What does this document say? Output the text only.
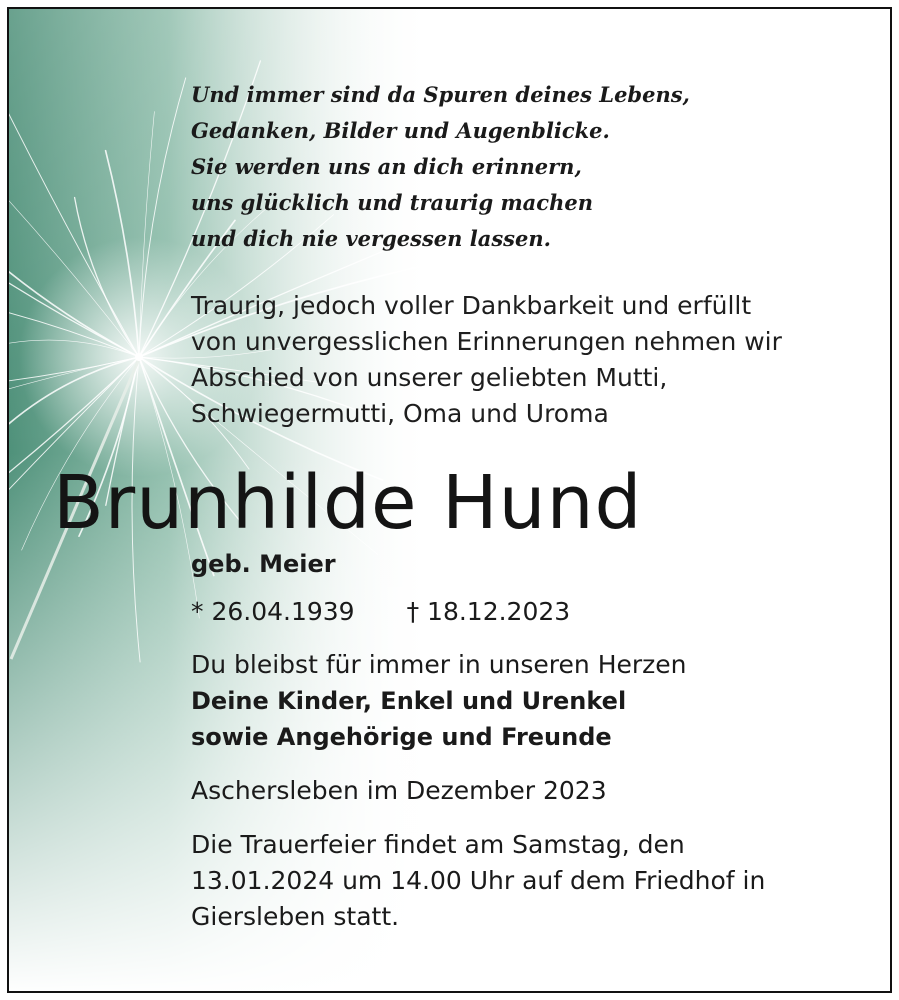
Und immer sind da Spuren deines Lebens,
Gedanken, Bilder und Augenblicke.
Sie werden uns an dich erinnern,
uns glücklich und traurig machen
und dich nie vergessen lassen.
Traurig, jedoch voller Dankbarkeit und erfüllt
von unvergesslichen Erinnerungen nehmen wir
Abschied von unserer geliebten Mutti,
Schwiegermutti, Oma und Uroma
Brunhilde Hund
geb. Meier
* 26.04.1939 † 18.12.2023
Du bleibst für immer in unseren Herzen
Deine Kinder, Enkel und Urenkel
sowie Angehörige und Freunde
Aschersleben im Dezember 2023
Die Trauerfeier findet am Samstag, den
13.01.2024 um 14.00 Uhr auf dem Friedhof in
Giersleben statt.
